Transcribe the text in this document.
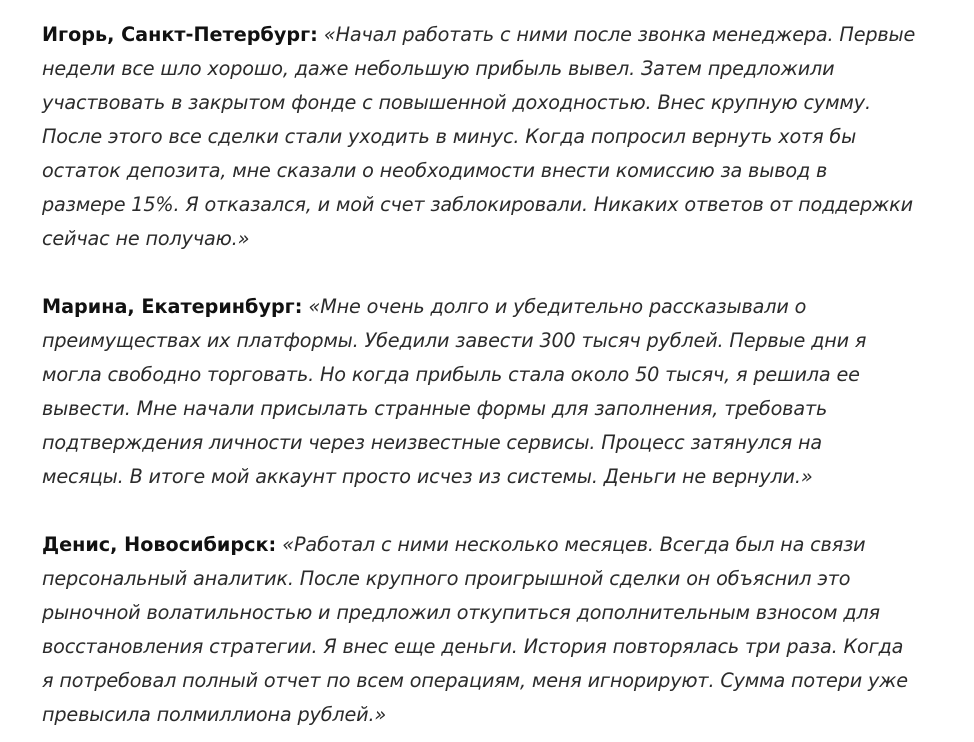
Игорь, Санкт-Петербург: «Начал работать с ними после звонка менеджера. Первые
недели все шло хорошо, даже небольшую прибыль вывел. Затем предложили
участвовать в закрытом фонде с повышенной доходностью. Внес крупную сумму.
После этого все сделки стали уходить в минус. Когда попросил вернуть хотя бы
остаток депозита, мне сказали о необходимости внести комиссию за вывод в
размере 15%. Я отказался, и мой счет заблокировали. Никаких ответов от поддержки
сейчас не получаю.»
Марина, Екатеринбург: «Мне очень долго и убедительно рассказывали о
преимуществах их платформы. Убедили завести 300 тысяч рублей. Первые дни я
могла свободно торговать. Но когда прибыль стала около 50 тысяч, я решила ее
вывести. Мне начали присылать странные формы для заполнения, требовать
подтверждения личности через неизвестные сервисы. Процесс затянулся на
месяцы. В итоге мой аккаунт просто исчез из системы. Деньги не вернули.»
Денис, Новосибирск: «Работал с ними несколько месяцев. Всегда был на связи
персональный аналитик. После крупного проигрышной сделки он объяснил это
рыночной волатильностью и предложил откупиться дополнительным взносом для
восстановления стратегии. Я внес еще деньги. История повторялась три раза. Когда
я потребовал полный отчет по всем операциям, меня игнорируют. Сумма потери уже
превысила полмиллиона рублей.»
